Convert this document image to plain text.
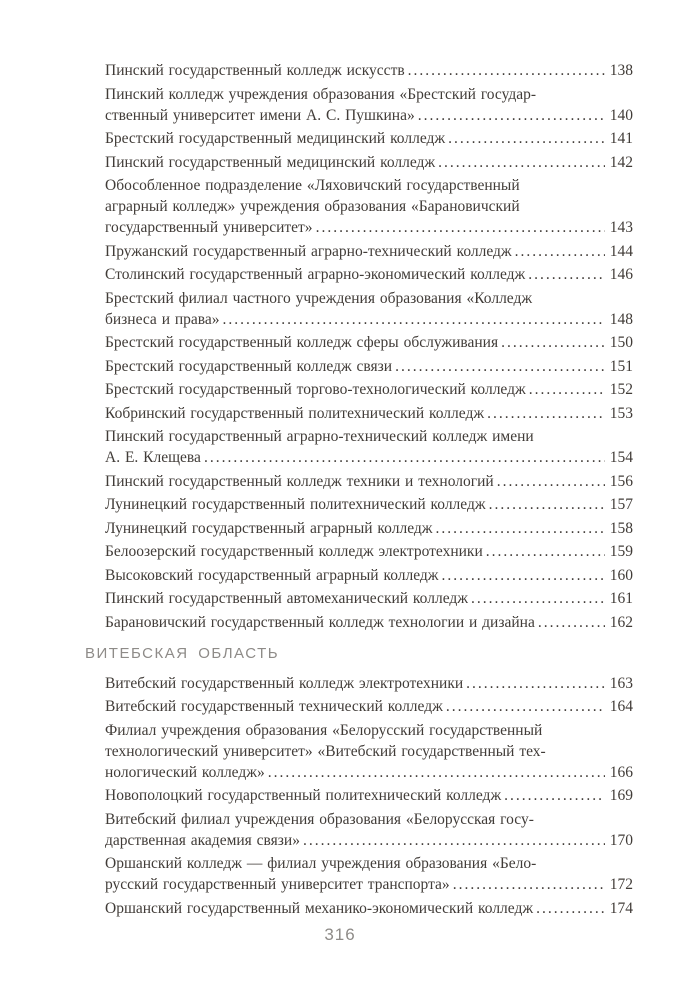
Пинский государственный колледж искусств .....	138
Пинский колледж учреждения образования «Брестский государ-
ственный университет имени А. С. Пушкина» .....	140
Брестский государственный медицинский колледж .....	141
Пинский государственный медицинский колледж .....	142
Обособленное подразделение «Ляховичский государственный
аграрный колледж» учреждения образования «Барановичский
государственный университет» .....	143
Пружанский государственный аграрно-технический колледж .....	144
Столинский государственный аграрно-экономический колледж .....	146
Брестский филиал частного учреждения образования «Колледж
бизнеса и права» .....	148
Брестский государственный колледж сферы обслуживания .....	150
Брестский государственный колледж связи .....	151
Брестский государственный торгово-технологический колледж .....	152
Кобринский государственный политехнический колледж .....	153
Пинский государственный аграрно-технический колледж имени
А. Е. Клещева .....	154
Пинский государственный колледж техники и технологий .....	156
Лунинецкий государственный политехнический колледж .....	157
Лунинецкий государственный аграрный колледж .....	158
Белоозерский государственный колледж электротехники .....	159
Высоковский государственный аграрный колледж .....	160
Пинский государственный автомеханический колледж .....	161
Барановичский государственный колледж технологии и дизайна .....	162
ВИТЕБСКАЯ ОБЛАСТЬ
Витебский государственный колледж электротехники .....	163
Витебский государственный технический колледж .....	164
Филиал учреждения образования «Белорусский государственный
технологический университет» «Витебский государственный тех-
нологический колледж» .....	166
Новополоцкий государственный политехнический колледж .....	169
Витебский филиал учреждения образования «Белорусская госу-
дарственная академия связи» .....	170
Оршанский колледж — филиал учреждения образования «Бело-
русский государственный университет транспорта» .....	172
Оршанский государственный механико-экономический колледж .....	174
316
